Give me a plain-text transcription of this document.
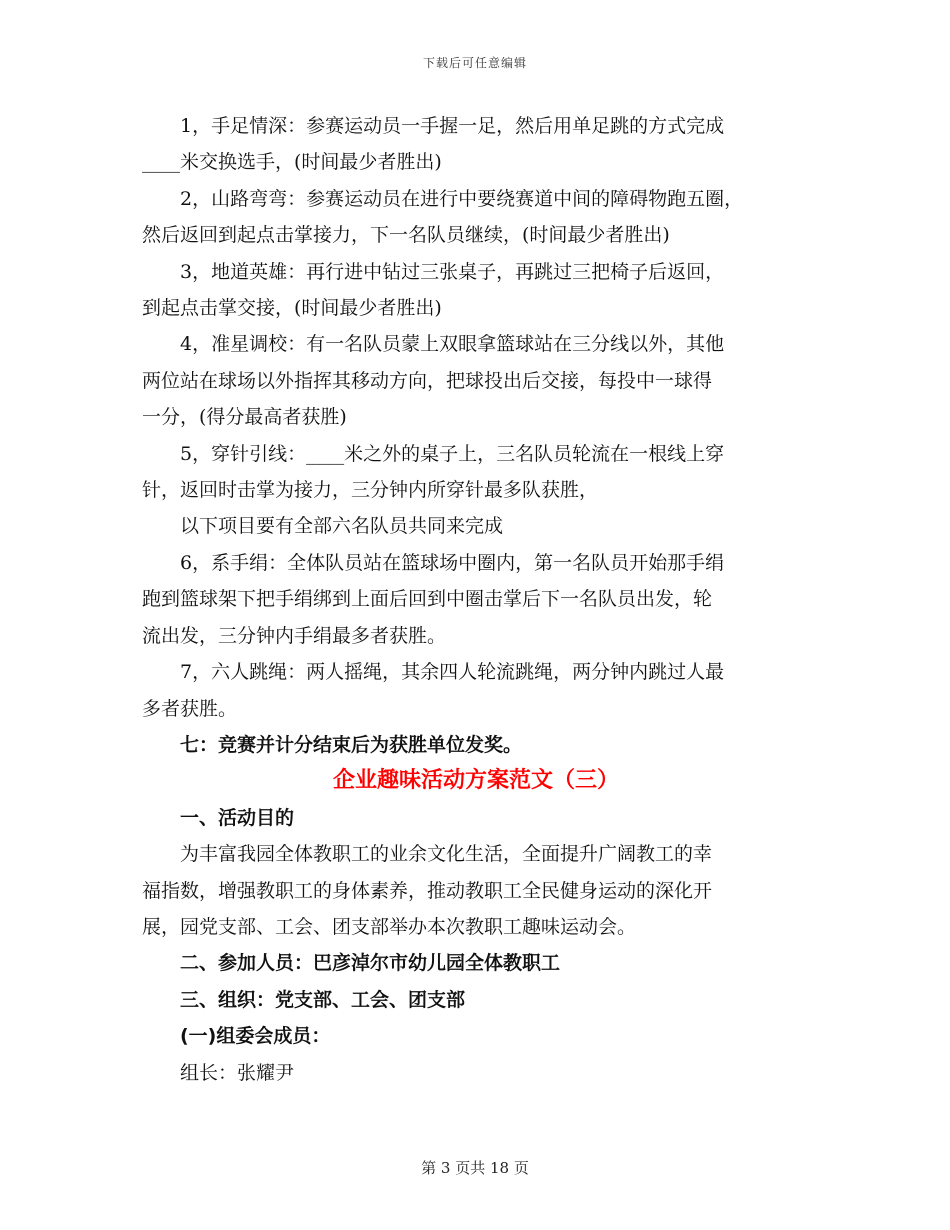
下载后可任意编辑

1，手足情深：参赛运动员一手握一足，然后用单足跳的方式完成

____米交换选手，(时间最少者胜出)

2，山路弯弯：参赛运动员在进行中要绕赛道中间的障碍物跑五圈，

然后返回到起点击掌接力，下一名队员继续，(时间最少者胜出)

3，地道英雄：再行进中钻过三张桌子，再跳过三把椅子后返回，

到起点击掌交接，(时间最少者胜出)

4，准星调校：有一名队员蒙上双眼拿篮球站在三分线以外，其他

两位站在球场以外指挥其移动方向，把球投出后交接，每投中一球得

一分，(得分最高者获胜)

5，穿针引线：____米之外的桌子上，三名队员轮流在一根线上穿

针，返回时击掌为接力，三分钟内所穿针最多队获胜，

以下项目要有全部六名队员共同来完成

6，系手绢：全体队员站在篮球场中圈内，第一名队员开始那手绢

跑到篮球架下把手绢绑到上面后回到中圈击掌后下一名队员出发，轮

流出发，三分钟内手绢最多者获胜。

7，六人跳绳：两人摇绳，其余四人轮流跳绳，两分钟内跳过人最

多者获胜。

七：竞赛并计分结束后为获胜单位发奖。

企业趣味活动方案范文（三）

一、活动目的

为丰富我园全体教职工的业余文化生活，全面提升广阔教工的幸

福指数，增强教职工的身体素养，推动教职工全民健身运动的深化开

展，园党支部、工会、团支部举办本次教职工趣味运动会。

二、参加人员：巴彦淖尔市幼儿园全体教职工

三、组织：党支部、工会、团支部

(一)组委会成员：

组长：张耀尹

第 3 页共 18 页
